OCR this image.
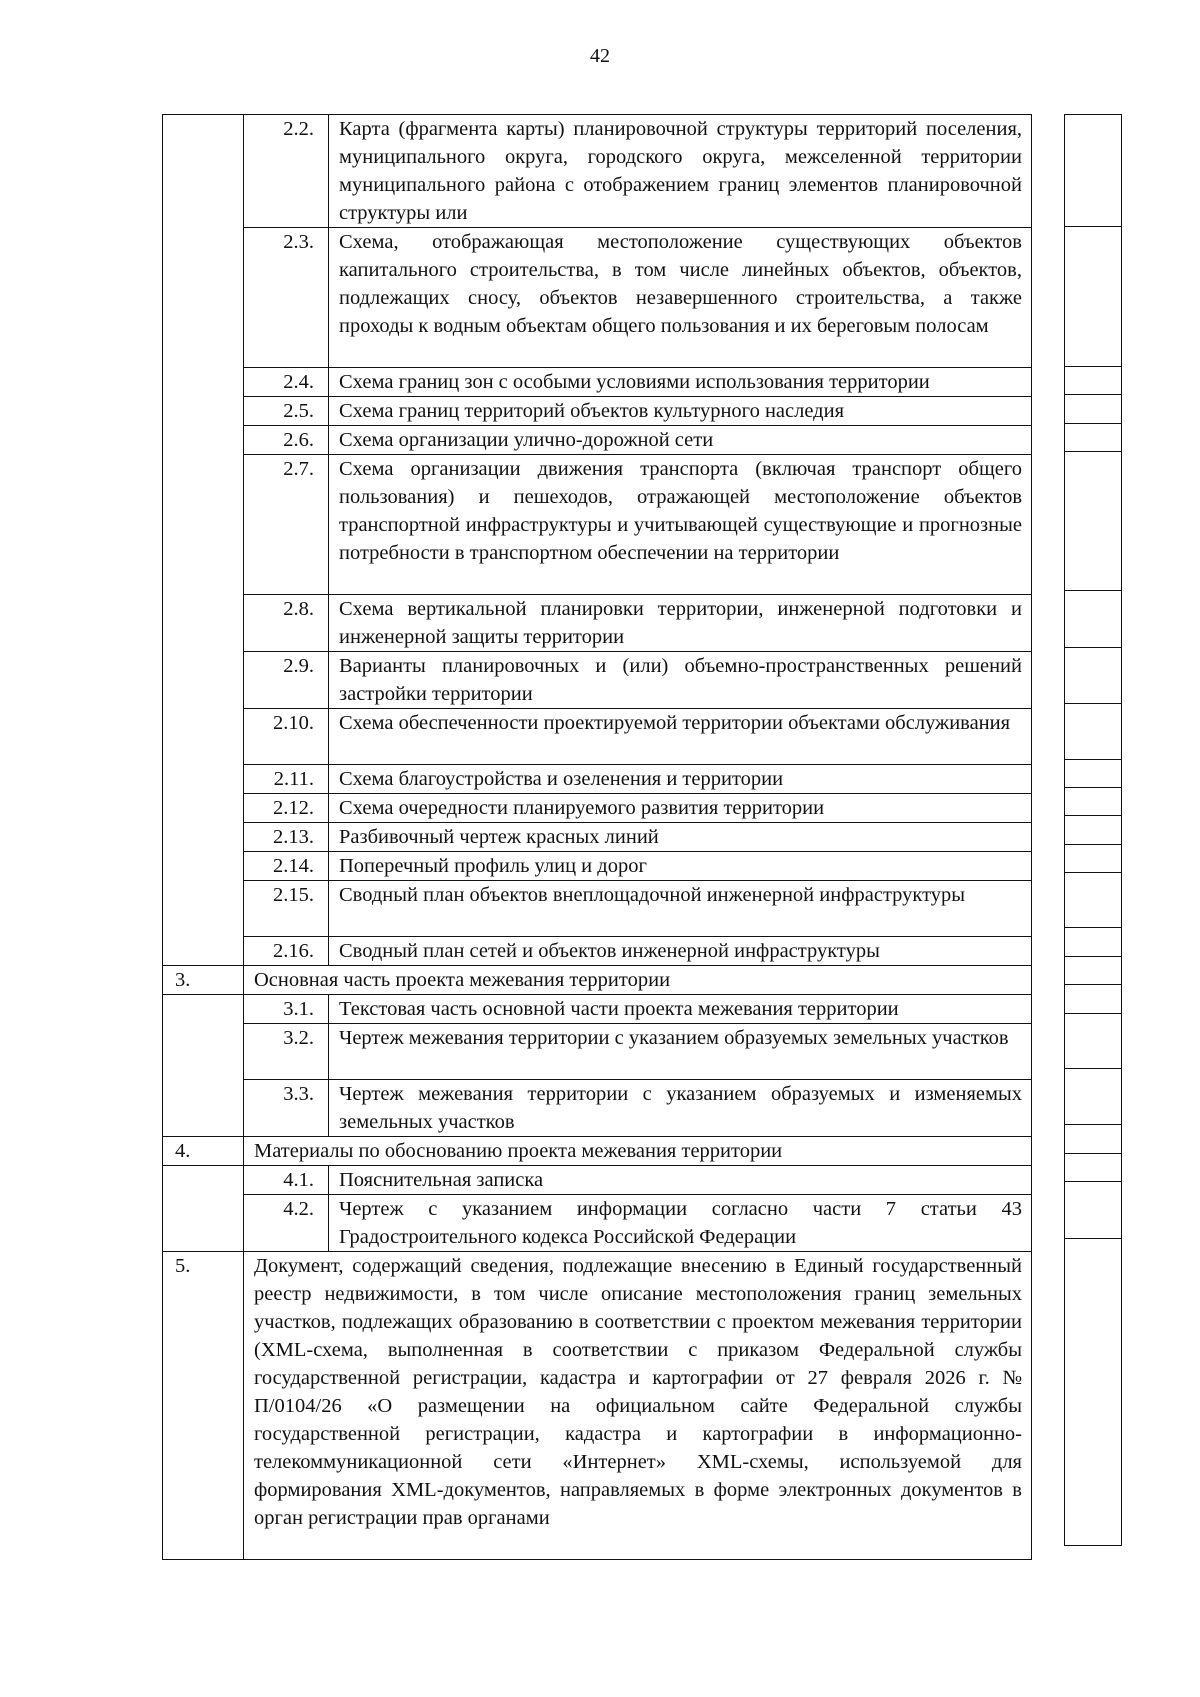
42
	2.2.	Карта (фрагмента карты) планировочной структуры территорий поселения, муниципального округа, городского округа, межселенной территории муниципального района с отображением границ элементов планировочной структуры или
	2.3.	Схема, отображающая местоположение существующих объектов капитального строительства, в том числе линейных объектов, объектов, подлежащих сносу, объектов незавершенного строительства, а также проходы к водным объектам общего пользования и их береговым полосам
	2.4.	Схема границ зон с особыми условиями использования территории
	2.5.	Схема границ территорий объектов культурного наследия
	2.6.	Схема организации улично-дорожной сети
	2.7.	Схема организации движения транспорта (включая транспорт общего пользования) и пешеходов, отражающей местоположение объектов транспортной инфраструктуры и учитывающей существующие и прогнозные потребности в транспортном обеспечении на территории
	2.8.	Схема вертикальной планировки территории, инженерной подготовки и инженерной защиты территории
	2.9.	Варианты планировочных и (или) объемно-пространственных решений застройки территории
	2.10.	Схема обеспеченности проектируемой территории объектами обслуживания
	2.11.	Схема благоустройства и озеленения и территории
	2.12.	Схема очередности планируемого развития территории
	2.13.	Разбивочный чертеж красных линий
	2.14.	Поперечный профиль улиц и дорог
	2.15.	Сводный план объектов внеплощадочной инженерной инфраструктуры
	2.16.	Сводный план сетей и объектов инженерной инфраструктуры
3.	Основная часть проекта межевания территории	
	3.1.	Текстовая часть основной части проекта межевания территории
	3.2.	Чертеж межевания территории с указанием образуемых земельных участков
	3.3.	Чертеж межевания территории с указанием образуемых и изменяемых земельных участков
4.	Материалы по обоснованию проекта межевания территории	
	4.1.	Пояснительная записка
	4.2.	Чертеж с указанием информации согласно части 7 статьи 43 Градостроительного кодекса Российской Федерации
5.	Документ, содержащий сведения, подлежащие внесению в Единый государственный реестр недвижимости, в том числе описание местоположения границ земельных участков, подлежащих образованию в соответствии с проектом межевания территории (XML-схема, выполненная в соответствии с приказом Федеральной службы государственной регистрации, кадастра и картографии от 27 февраля 2026 г. № П/0104/26 «О размещении на официальном сайте Федеральной службы государственной регистрации, кадастра и картографии в информационно-телекоммуникационной сети «Интернет» XML-схемы, используемой для формирования XML-документов, направляемых в форме электронных документов в орган регистрации прав органами	
